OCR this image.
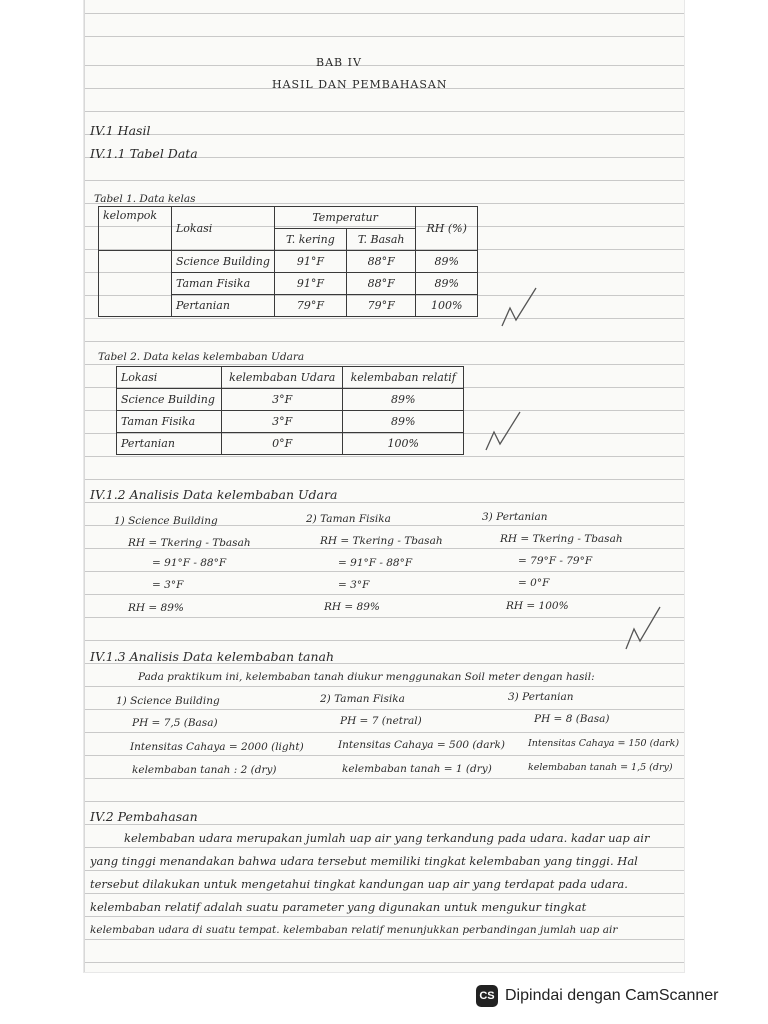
BAB IV
HASIL DAN PEMBAHASAN
IV.1 Hasil
IV.1.1 Tabel Data
Tabel 1. Data kelas
kelompok	Lokasi	Temperatur		RH (%)
		T. kering	T. Basah	
	Science Building	91°F	88°F	89%
	Taman Fisika	91°F	88°F	89%
	Pertanian	79°F	79°F	100%
Tabel 2. Data kelas kelembaban Udara
Lokasi	kelembaban Udara	kelembaban relatif
Science Building	3°F	89%
Taman Fisika	3°F	89%
Pertanian	0°F	100%
IV.1.2 Analisis Data kelembaban Udara
1) Science Building
RH = Tkering - Tbasah
= 91°F - 88°F
= 3°F
RH = 89%
2) Taman Fisika
RH = Tkering - Tbasah
= 91°F - 88°F
= 3°F
RH = 89%
3) Pertanian
RH = Tkering - Tbasah
= 79°F - 79°F
= 0°F
RH = 100%
IV.1.3 Analisis Data kelembaban tanah
Pada praktikum ini, kelembaban tanah diukur menggunakan Soil meter dengan hasil:
1) Science Building
PH = 7,5 (Basa)
Intensitas Cahaya = 2000 (light)
kelembaban tanah : 2 (dry)
2) Taman Fisika
PH = 7 (netral)
Intensitas Cahaya = 500 (dark)
kelembaban tanah = 1 (dry)
3) Pertanian
PH = 8 (Basa)
Intensitas Cahaya = 150 (dark)
kelembaban tanah = 1,5 (dry)
IV.2 Pembahasan
kelembaban udara merupakan jumlah uap air yang terkandung pada udara. kadar uap air
yang tinggi menandakan bahwa udara tersebut memiliki tingkat kelembaban yang tinggi. Hal
tersebut dilakukan untuk mengetahui tingkat kandungan uap air yang terdapat pada udara.
kelembaban relatif adalah suatu parameter yang digunakan untuk mengukur tingkat
kelembaban udara di suatu tempat. kelembaban relatif menunjukkan perbandingan jumlah uap air
CS Dipindai dengan CamScanner
